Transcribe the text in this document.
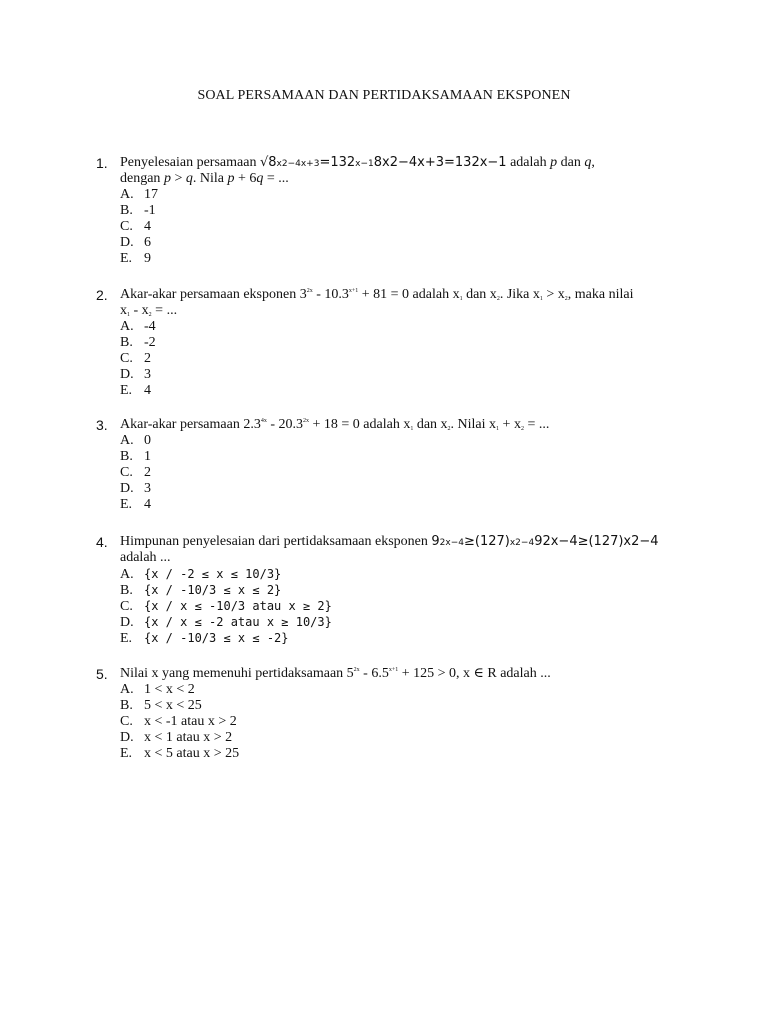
SOAL PERSAMAAN DAN PERTIDAKSAMAAN EKSPONEN
1. Penyelesaian persamaan √8x2−4x+3=132x−18x2−4x+3=132x−1 adalah p dan q,
dengan p > q. Nila p + 6q = ...
A. 17
B. -1
C. 4
D. 6
E. 9
2. Akar-akar persamaan eksponen $3^{2x} - 10.3^{x+1} + 81 = 0$ adalah $x_1$ dan $x_2$. Jika $x_1 > x_2$, maka nilai
$x_1 - x_2$ = ...
A. -4
B. -2
C. 2
D. 3
E. 4
3. Akar-akar persamaan $2.3^{4x} - 20.3^{2x} + 18 = 0$ adalah $x_1$ dan $x_2$. Nilai $x_1 + x_2$ = ...
A. 0
B. 1
C. 2
D. 3
E. 4
4. Himpunan penyelesaian dari pertidaksamaan eksponen 92x−4≥(127)x2−492x−4≥(127)x2−4
adalah ...
A. {x / -2 ≤ x ≤ 10/3}
B. {x / -10/3 ≤ x ≤ 2}
C. {x / x ≤ -10/3 atau x ≥ 2}
D. {x / x ≤ -2 atau x ≥ 10/3}
E. {x / -10/3 ≤ x ≤ -2}
5. Nilai x yang memenuhi pertidaksamaan $5^{2x} - 6.5^{x+1} + 125 > 0$, x ∈ R adalah ...
A. 1 < x < 2
B. 5 < x < 25
C. x < -1 atau x > 2
D. x < 1 atau x > 2
E. x < 5 atau x > 25
